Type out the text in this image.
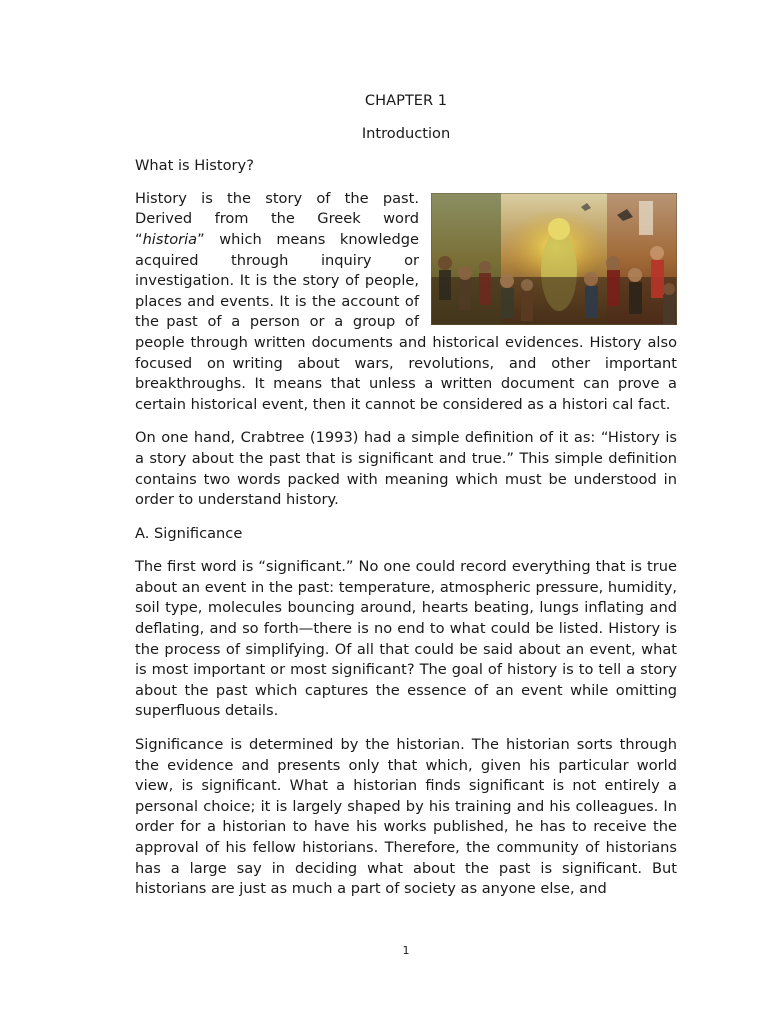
CHAPTER 1
Introduction
What is History?

History is the story of the past. Derived from the Greek word “historia” which means knowledge acquired through inquiry or investigation. It is the story of people, places and events. It is the account of the past of a person or a group of people through written documents and historical evidences. History also focused on writing about wars, revolutions, and other important breakthroughs. It means that unless a written document can prove a certain historical event, then it cannot be considered as a histori cal fact.

On one hand, Crabtree (1993) had a simple definition of it as: “History is a story about the past that is significant and true.” This simple definition contains two words packed with meaning which must be understood in order to understand history.

A. Significance

The first word is “significant.” No one could record everything that is true about an event in the past: temperature, atmospheric pressure, humidity, soil type, molecules bouncing around, hearts beating, lungs inflating and deflating, and so forth—there is no end to what could be listed. History is the process of simplifying. Of all that could be said about an event, what is most important or most significant? The goal of history is to tell a story about the past which captures the essence of an event while omitting superfluous details.

Significance is determined by the historian. The historian sorts through the evidence and presents only that which, given his particular world view, is significant. What a historian finds significant is not entirely a personal choice; it is largely shaped by his training and his colleagues. In order for a historian to have his works published, he has to receive the approval of his fellow historians. Therefore, the community of historians has a large say in deciding what about the past is significant. But historians are just as much a part of society as anyone else, and

1
